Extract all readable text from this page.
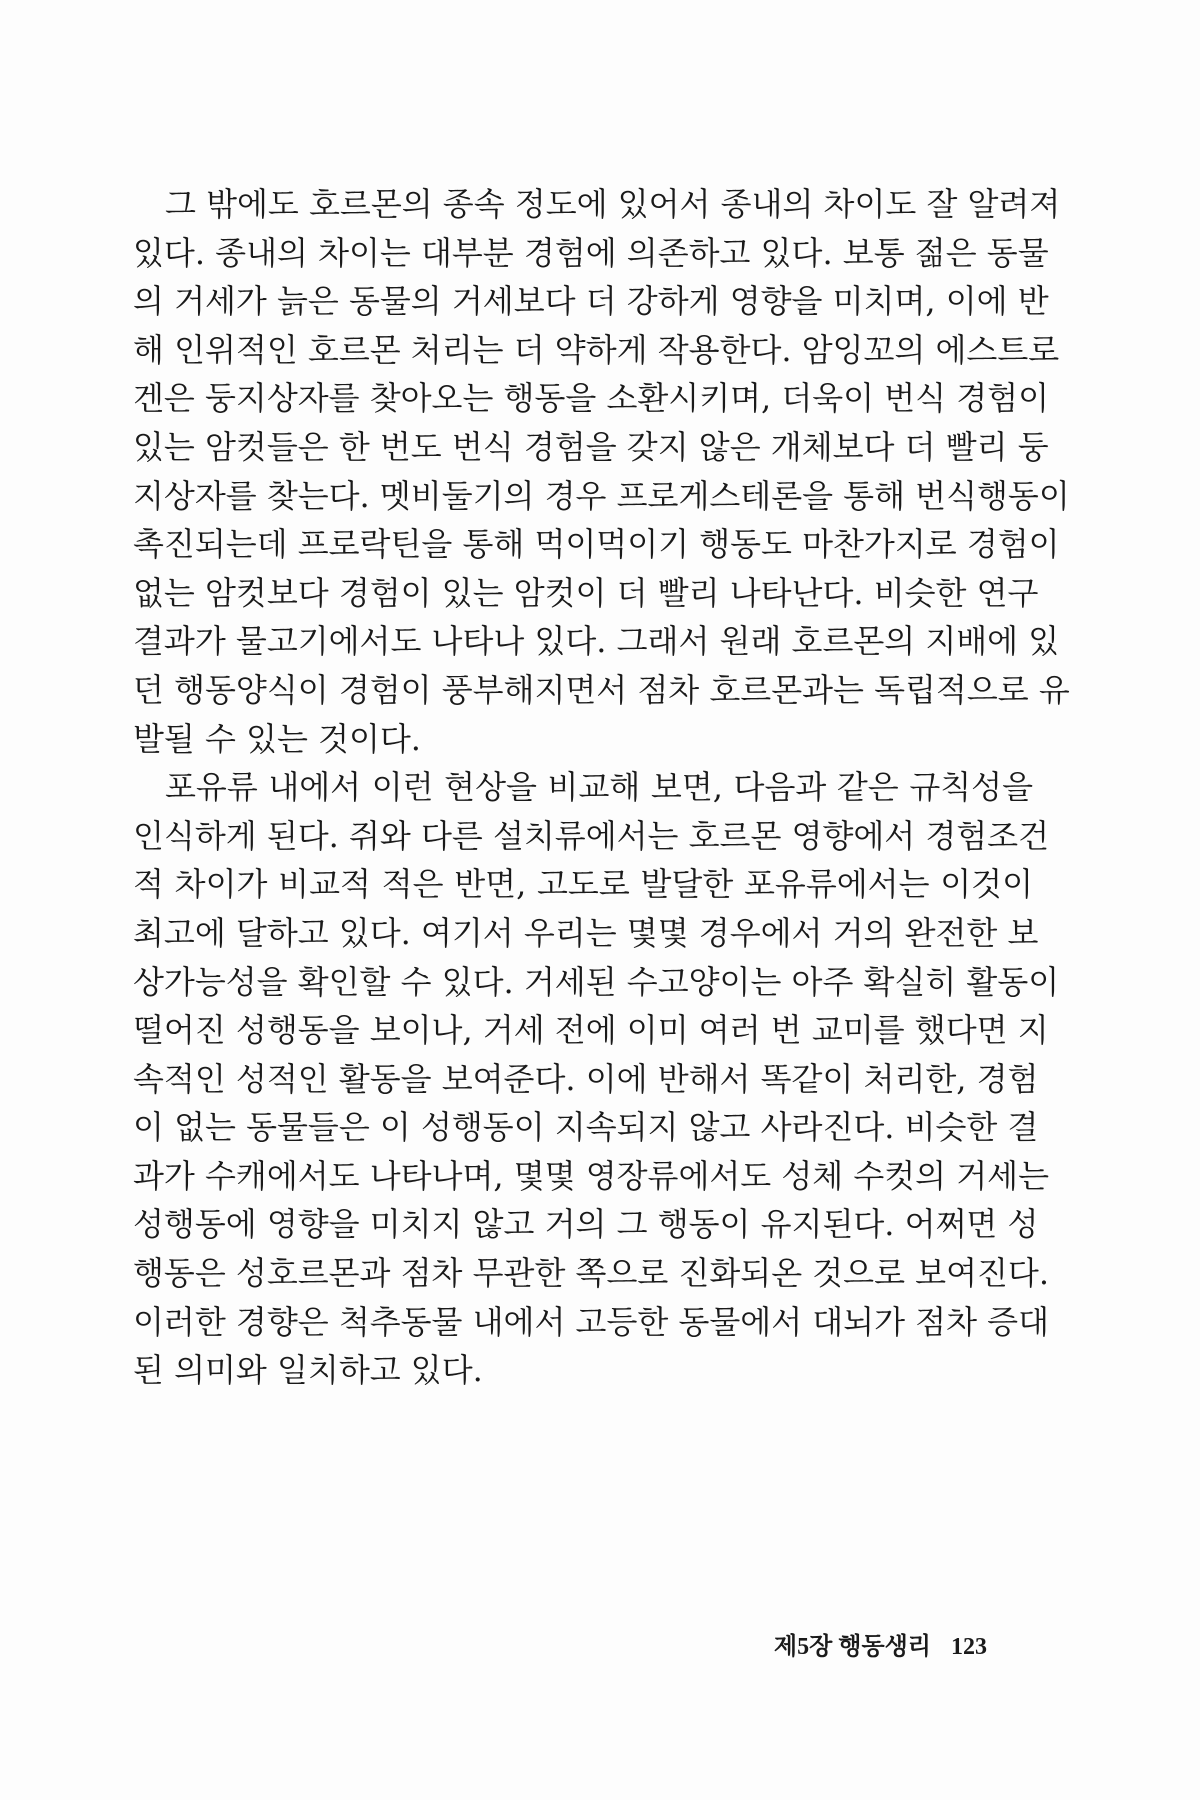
그 밖에도 호르몬의 종속 정도에 있어서 종내의 차이도 잘 알려져
있다. 종내의 차이는 대부분 경험에 의존하고 있다. 보통 젊은 동물
의 거세가 늙은 동물의 거세보다 더 강하게 영향을 미치며, 이에 반
해 인위적인 호르몬 처리는 더 약하게 작용한다. 암잉꼬의 에스트로
겐은 둥지상자를 찾아오는 행동을 소환시키며, 더욱이 번식 경험이
있는 암컷들은 한 번도 번식 경험을 갖지 않은 개체보다 더 빨리 둥
지상자를 찾는다. 멧비둘기의 경우 프로게스테론을 통해 번식행동이
촉진되는데 프로락틴을 통해 먹이먹이기 행동도 마찬가지로 경험이
없는 암컷보다 경험이 있는 암컷이 더 빨리 나타난다. 비슷한 연구
결과가 물고기에서도 나타나 있다. 그래서 원래 호르몬의 지배에 있
던 행동양식이 경험이 풍부해지면서 점차 호르몬과는 독립적으로 유
발될 수 있는 것이다.
포유류 내에서 이런 현상을 비교해 보면, 다음과 같은 규칙성을
인식하게 된다. 쥐와 다른 설치류에서는 호르몬 영향에서 경험조건
적 차이가 비교적 적은 반면, 고도로 발달한 포유류에서는 이것이
최고에 달하고 있다. 여기서 우리는 몇몇 경우에서 거의 완전한 보
상가능성을 확인할 수 있다. 거세된 수고양이는 아주 확실히 활동이
떨어진 성행동을 보이나, 거세 전에 이미 여러 번 교미를 했다면 지
속적인 성적인 활동을 보여준다. 이에 반해서 똑같이 처리한, 경험
이 없는 동물들은 이 성행동이 지속되지 않고 사라진다. 비슷한 결
과가 수캐에서도 나타나며, 몇몇 영장류에서도 성체 수컷의 거세는
성행동에 영향을 미치지 않고 거의 그 행동이 유지된다. 어쩌면 성
행동은 성호르몬과 점차 무관한 쪽으로 진화되온 것으로 보여진다.
이러한 경향은 척추동물 내에서 고등한 동물에서 대뇌가 점차 증대
된 의미와 일치하고 있다.
제5장 행동생리 123
